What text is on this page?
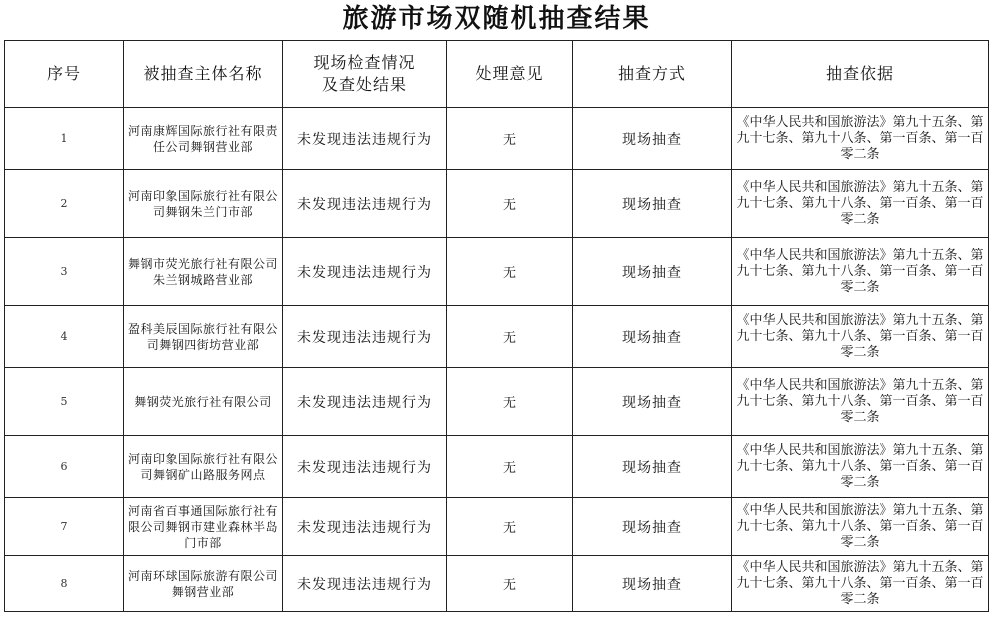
旅游市场双随机抽查结果
序号	被抽查主体名称	现场检查情况及查处结果	处理意见	抽查方式	抽查依据
1	河南康辉国际旅行社有限责任公司舞钢营业部	未发现违法违规行为	无	现场抽查	《中华人民共和国旅游法》第九十五条、第九十七条、第九十八条、第一百条、第一百零二条
2	河南印象国际旅行社有限公司舞钢朱兰门市部	未发现违法违规行为	无	现场抽查	《中华人民共和国旅游法》第九十五条、第九十七条、第九十八条、第一百条、第一百零二条
3	舞钢市荧光旅行社有限公司朱兰钢城路营业部	未发现违法违规行为	无	现场抽查	《中华人民共和国旅游法》第九十五条、第九十七条、第九十八条、第一百条、第一百零二条
4	盈科美辰国际旅行社有限公司舞钢四街坊营业部	未发现违法违规行为	无	现场抽查	《中华人民共和国旅游法》第九十五条、第九十七条、第九十八条、第一百条、第一百零二条
5	舞钢荧光旅行社有限公司	未发现违法违规行为	无	现场抽查	《中华人民共和国旅游法》第九十五条、第九十七条、第九十八条、第一百条、第一百零二条
6	河南印象国际旅行社有限公司舞钢矿山路服务网点	未发现违法违规行为	无	现场抽查	《中华人民共和国旅游法》第九十五条、第九十七条、第九十八条、第一百条、第一百零二条
7	河南省百事通国际旅行社有限公司舞钢市建业森林半岛门市部	未发现违法违规行为	无	现场抽查	《中华人民共和国旅游法》第九十五条、第九十七条、第九十八条、第一百条、第一百零二条
8	河南环球国际旅游有限公司舞钢营业部	未发现违法违规行为	无	现场抽查	《中华人民共和国旅游法》第九十五条、第九十七条、第九十八条、第一百条、第一百零二条
